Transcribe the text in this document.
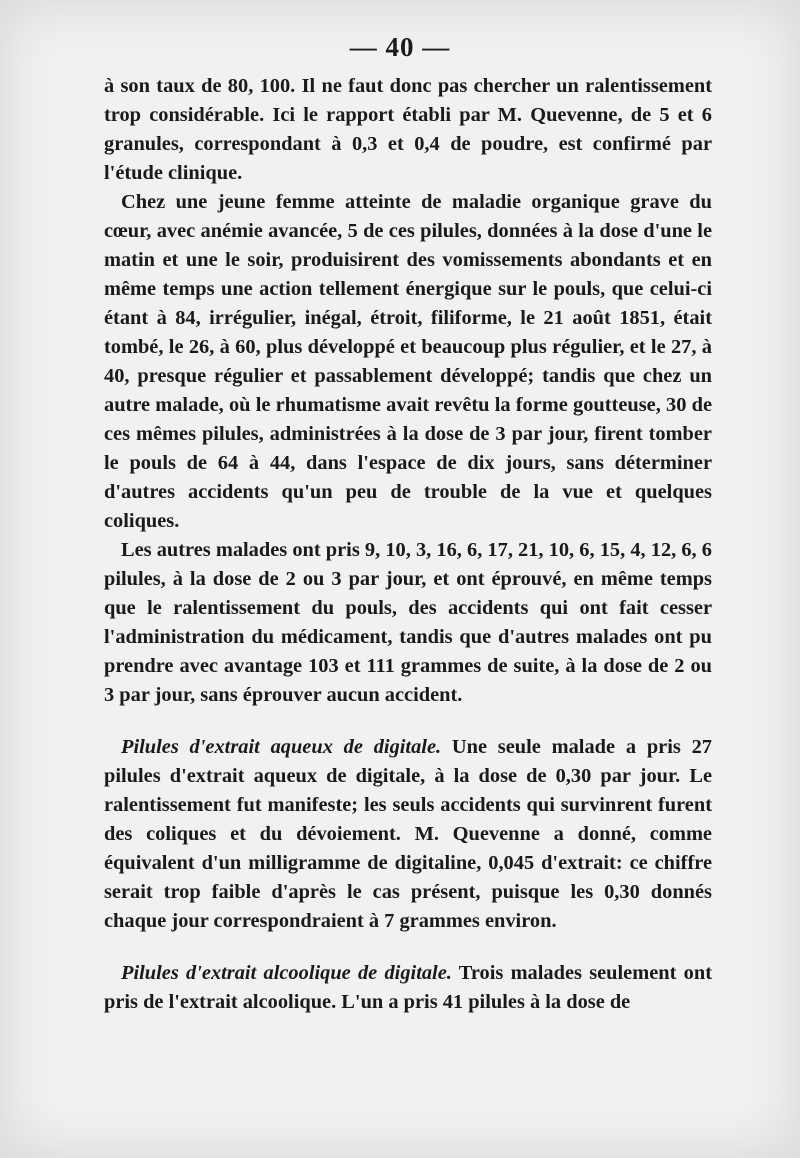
— 40 —

à son taux de 80, 100. Il ne faut donc pas chercher un ralentissement trop considérable. Ici le rapport établi par M. Quevenne, de 5 et 6 granules, correspondant à 0,3 et 0,4 de poudre, est confirmé par l'étude clinique.

Chez une jeune femme atteinte de maladie organique grave du cœur, avec anémie avancée, 5 de ces pilules, données à la dose d'une le matin et une le soir, produisirent des vomissements abondants et en même temps une action tellement énergique sur le pouls, que celui-ci étant à 84, irrégulier, inégal, étroit, filiforme, le 21 août 1851, était tombé, le 26, à 60, plus développé et beaucoup plus régulier, et le 27, à 40, presque régulier et passablement développé; tandis que chez un autre malade, où le rhumatisme avait revêtu la forme goutteuse, 30 de ces mêmes pilules, administrées à la dose de 3 par jour, firent tomber le pouls de 64 à 44, dans l'espace de dix jours, sans déterminer d'autres accidents qu'un peu de trouble de la vue et quelques coliques.

Les autres malades ont pris 9, 10, 3, 16, 6, 17, 21, 10, 6, 15, 4, 12, 6, 6 pilules, à la dose de 2 ou 3 par jour, et ont éprouvé, en même temps que le ralentissement du pouls, des accidents qui ont fait cesser l'administration du médicament, tandis que d'autres malades ont pu prendre avec avantage 103 et 111 grammes de suite, à la dose de 2 ou 3 par jour, sans éprouver aucun accident.

Pilules d'extrait aqueux de digitale. Une seule malade a pris 27 pilules d'extrait aqueux de digitale, à la dose de 0,30 par jour. Le ralentissement fut manifeste; les seuls accidents qui survinrent furent des coliques et du dévoiement. M. Quevenne a donné, comme équivalent d'un milligramme de digitaline, 0,045 d'extrait: ce chiffre serait trop faible d'après le cas présent, puisque les 0,30 donnés chaque jour correspondraient à 7 grammes environ.

Pilules d'extrait alcoolique de digitale. Trois malades seulement ont pris de l'extrait alcoolique. L'un a pris 41 pilules à la dose de
